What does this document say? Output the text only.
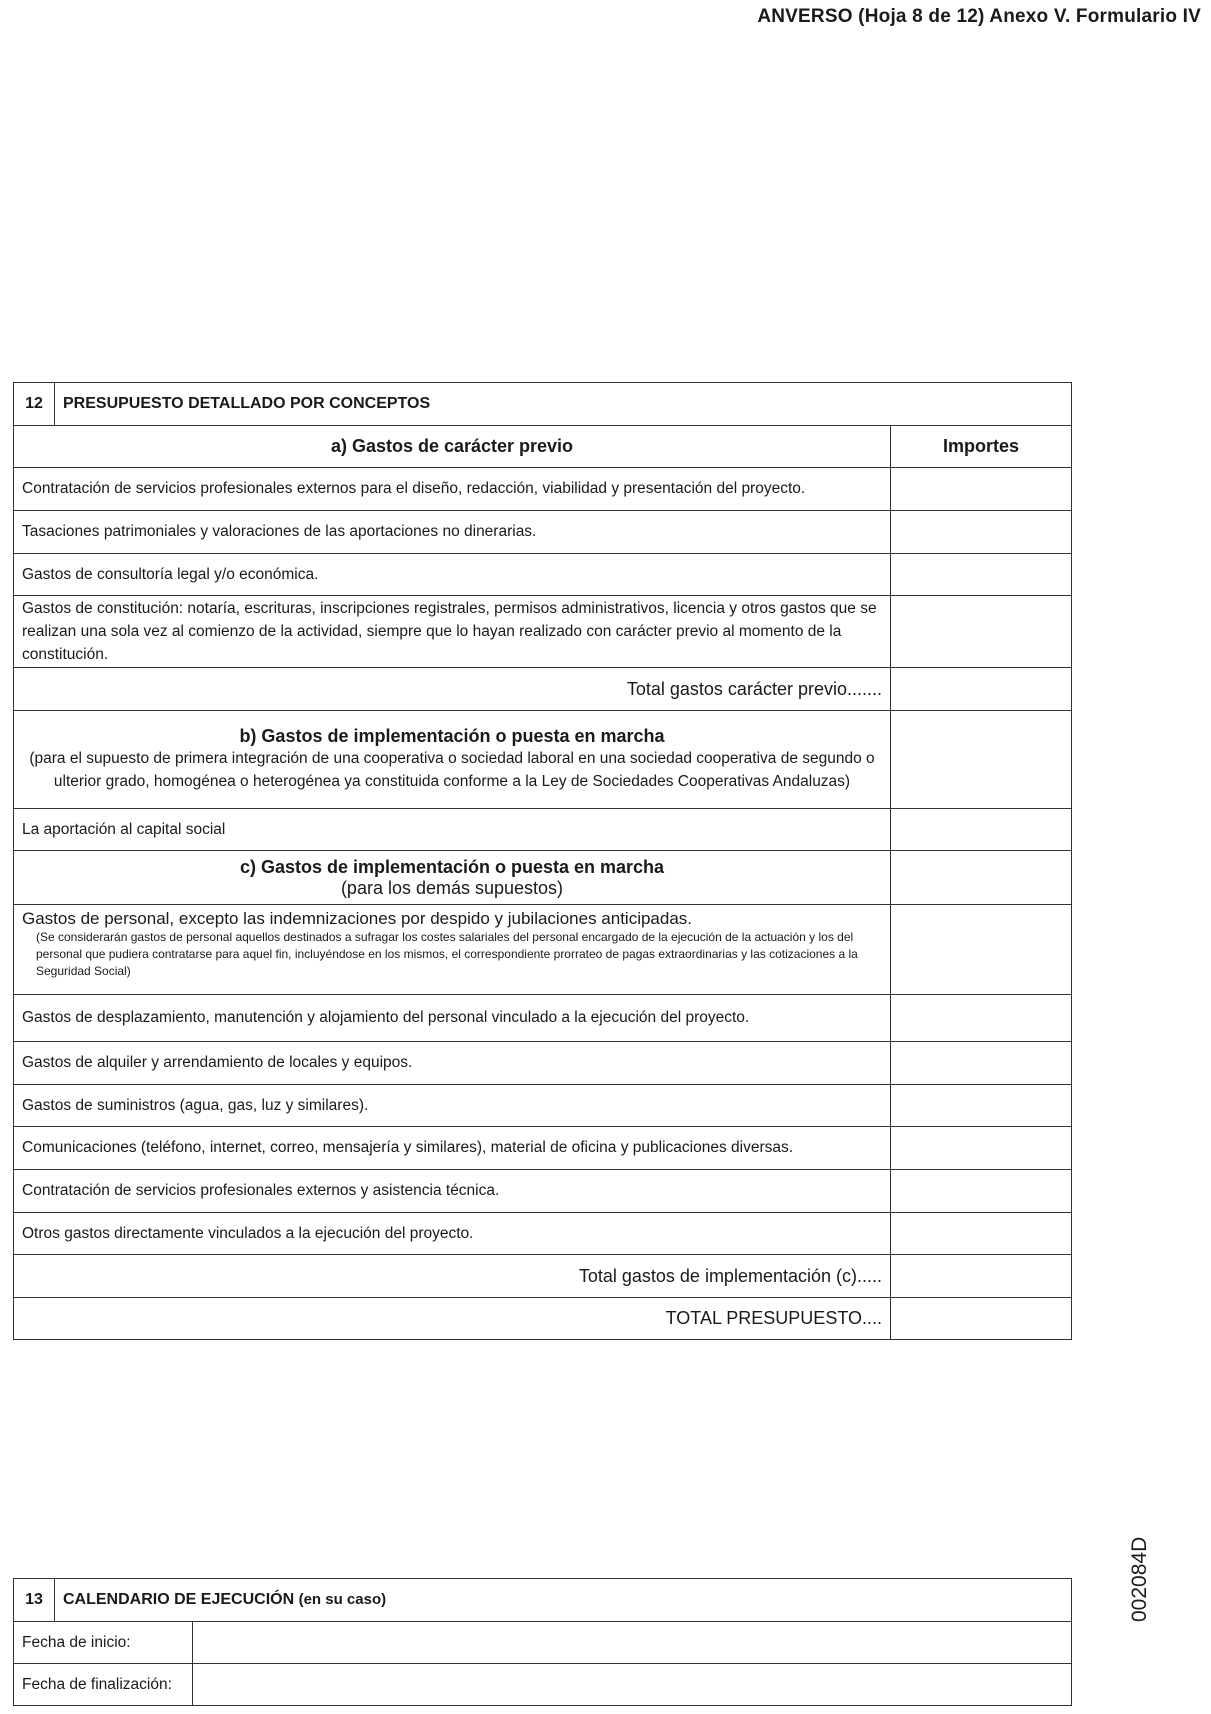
ANVERSO (Hoja 8 de 12) Anexo V. Formulario IV
002084D
12	PRESUPUESTO DETALLADO POR CONCEPTOS	
a) Gastos de carácter previo		Importes
Contratación de servicios profesionales externos para el diseño, redacción, viabilidad y presentación del proyecto.		
Tasaciones patrimoniales y valoraciones de las aportaciones no dinerarias.		
Gastos de consultoría legal y/o económica.		
Gastos de constitución: notaría, escrituras, inscripciones registrales, permisos administrativos, licencia y otros gastos que se realizan una sola vez al comienzo de la actividad, siempre que lo hayan realizado con carácter previo al momento de la constitución.		
Total gastos carácter previo.......		

b) Gastos de implementación o puesta en marcha
(para el supuesto de primera integración de una cooperativa o sociedad laboral en una sociedad cooperativa de segundo o ulterior grado, homogénea o heterogénea ya constituida conforme a la Ley de Sociedades Cooperativas Andaluzas)		

La aportación al capital social		

c) Gastos de implementación o puesta en marcha
(para los demás supuestos)		

Gastos de personal, excepto las indemnizaciones por despido y jubilaciones anticipadas.
(Se considerarán gastos de personal aquellos destinados a sufragar los costes salariales del personal encargado de la ejecución de la actuación y los del personal que pudiera contratarse para aquel fin, incluyéndose en los mismos, el correspondiente prorrateo de pagas extraordinarias y las cotizaciones a la Seguridad Social)		

Gastos de desplazamiento, manutención y alojamiento del personal vinculado a la ejecución del proyecto.		
Gastos de alquiler y arrendamiento de locales y equipos.		
Gastos de suministros (agua, gas, luz y similares).		
Comunicaciones (teléfono, internet, correo, mensajería y similares), material de oficina y publicaciones diversas.		
Contratación de servicios profesionales externos y asistencia técnica.		
Otros gastos directamente vinculados a la ejecución del proyecto.		
Total gastos de implementación (c).....		
TOTAL PRESUPUESTO....		
13	CALENDARIO DE EJECUCIÓN (en su caso)	
Fecha de inicio:		
Fecha de finalización:		
